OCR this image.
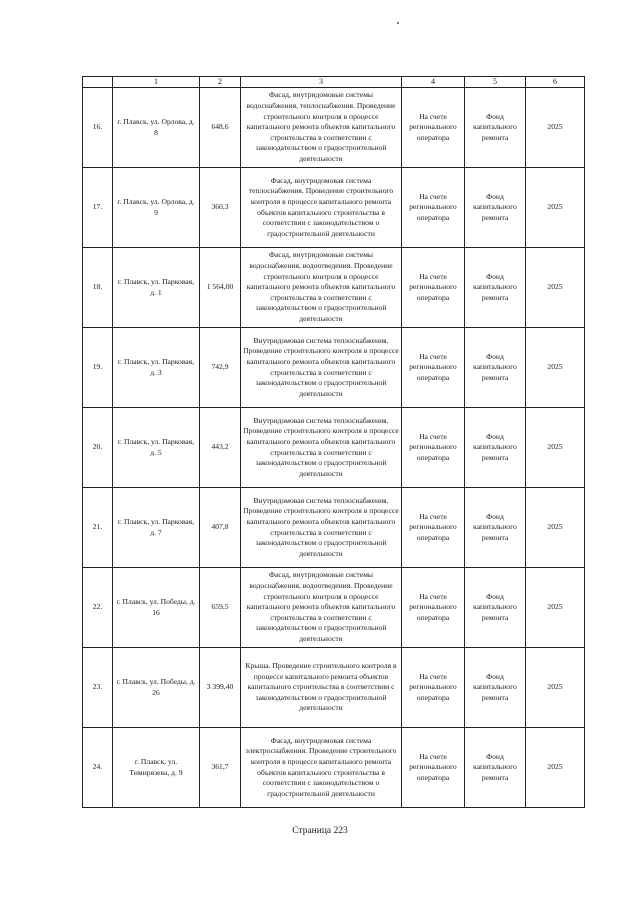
	1	2	3	4	5	6
16.	г. Плавск, ул. Орлова, д. 8	648,6	Фасад, внутридомовые системы водоснабжения, теплоснабжения. Проведение строительного контроля в процессе капитального ремонта объектов капитального строительства в соответствии с законодательством о градостроительной деятельности	На счете регионального оператора	Фонд капитального ремонта	2025
17.	г. Плавск, ул. Орлова, д. 9	360,3	Фасад, внутридомовая система теплоснабжения. Проведение строительного контроля в процессе капитального ремонта объектов капитального строительства в соответствии с законодательством о градостроительной деятельности	На счете регионального оператора	Фонд капитального ремонта	2025
18.	г. Плавск, ул. Парковая, д. 1	1 564,00	Фасад, внутридомовые системы водоснабжения, водоотведения. Проведение строительного контроля в процессе капитального ремонта объектов капитального строительства в соответствии с законодательством о градостроительной деятельности	На счете регионального оператора	Фонд капитального ремонта	2025
19.	г. Плавск, ул. Парковая, д. 3	742,9	Внутридомовая система теплоснабжения. Проведение строительного контроля в процессе капитального ремонта объектов капитального строительства в соответствии с законодательством о градостроительной деятельности	На счете регионального оператора	Фонд капитального ремонта	2025
20.	г. Плавск, ул. Парковая, д. 5	443,2	Внутридомовая система теплоснабжения. Проведение строительного контроля в процессе капитального ремонта объектов капитального строительства в соответствии с законодательством о градостроительной деятельности	На счете регионального оператора	Фонд капитального ремонта	2025
21.	г. Плавск, ул. Парковая, д. 7	407,8	Внутридомовая система теплоснабжения. Проведение строительного контроля в процессе капитального ремонта объектов капитального строительства в соответствии с законодательством о градостроительной деятельности	На счете регионального оператора	Фонд капитального ремонта	2025
22.	г. Плавск, ул. Победы, д. 16	659,5	Фасад, внутридомовые системы водоснабжения, водоотведения. Проведение строительного контроля в процессе капитального ремонта объектов капитального строительства в соответствии с законодательством о градостроительной деятельности	На счете регионального оператора	Фонд капитального ремонта	2025
23.	г. Плавск, ул. Победы, д. 26	3 399,40	Крыша. Проведение строительного контроля в процессе капитального ремонта объектов капитального строительства в соответствии с законодательством о градостроительной деятельности	На счете регионального оператора	Фонд капитального ремонта	2025
24.	г. Плавск, ул. Тимирязева, д. 9	361,7	Фасад, внутридомовая система электроснабжения. Проведение строительного контроля в процессе капитального ремонта объектов капитального строительства в соответствии с законодательством о градостроительной деятельности	На счете регионального оператора	Фонд капитального ремонта	2025
Страница 223
